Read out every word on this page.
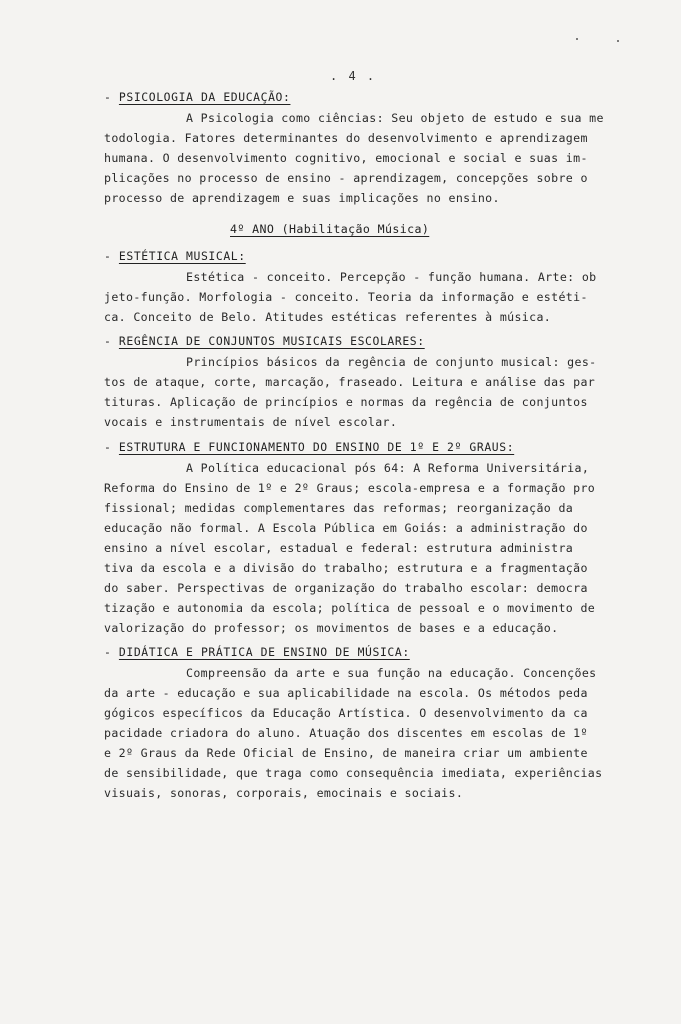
. 4 .
- PSICOLOGIA DA EDUCAÇÃO:
A Psicologia como ciências: Seu objeto de estudo e sua me
todologia. Fatores determinantes do desenvolvimento e aprendizagem
humana. O desenvolvimento cognitivo, emocional e social e suas im-
plicações no processo de ensino - aprendizagem, concepções sobre o
processo de aprendizagem e suas implicações no ensino.
4º ANO (Habilitação Música)
- ESTÉTICA MUSICAL:
Estética - conceito. Percepção - função humana. Arte: ob
jeto-função. Morfologia - conceito. Teoria da informação e estéti-
ca. Conceito de Belo. Atitudes estéticas referentes à música.
- REGÊNCIA DE CONJUNTOS MUSICAIS ESCOLARES:
Princípios básicos da regência de conjunto musical: ges-
tos de ataque, corte, marcação, fraseado. Leitura e análise das par
tituras. Aplicação de princípios e normas da regência de conjuntos
vocais e instrumentais de nível escolar.
- ESTRUTURA E FUNCIONAMENTO DO ENSINO DE 1º E 2º GRAUS:
A Política educacional pós 64: A Reforma Universitária,
Reforma do Ensino de 1º e 2º Graus; escola-empresa e a formação pro
fissional; medidas complementares das reformas; reorganização da
educação não formal. A Escola Pública em Goiás: a administração do
ensino a nível escolar, estadual e federal: estrutura administra
tiva da escola e a divisão do trabalho; estrutura e a fragmentação
do saber. Perspectivas de organização do trabalho escolar: democra
tização e autonomia da escola; política de pessoal e o movimento de
valorização do professor; os movimentos de bases e a educação.
- DIDÁTICA E PRÁTICA DE ENSINO DE MÚSICA:
Compreensão da arte e sua função na educação. Concenções
da arte - educação e sua aplicabilidade na escola. Os métodos peda
gógicos específicos da Educação Artística. O desenvolvimento da ca
pacidade criadora do aluno. Atuação dos discentes em escolas de 1º
e 2º Graus da Rede Oficial de Ensino, de maneira criar um ambiente
de sensibilidade, que traga como consequência imediata, experiências
visuais, sonoras, corporais, emocinais e sociais.
